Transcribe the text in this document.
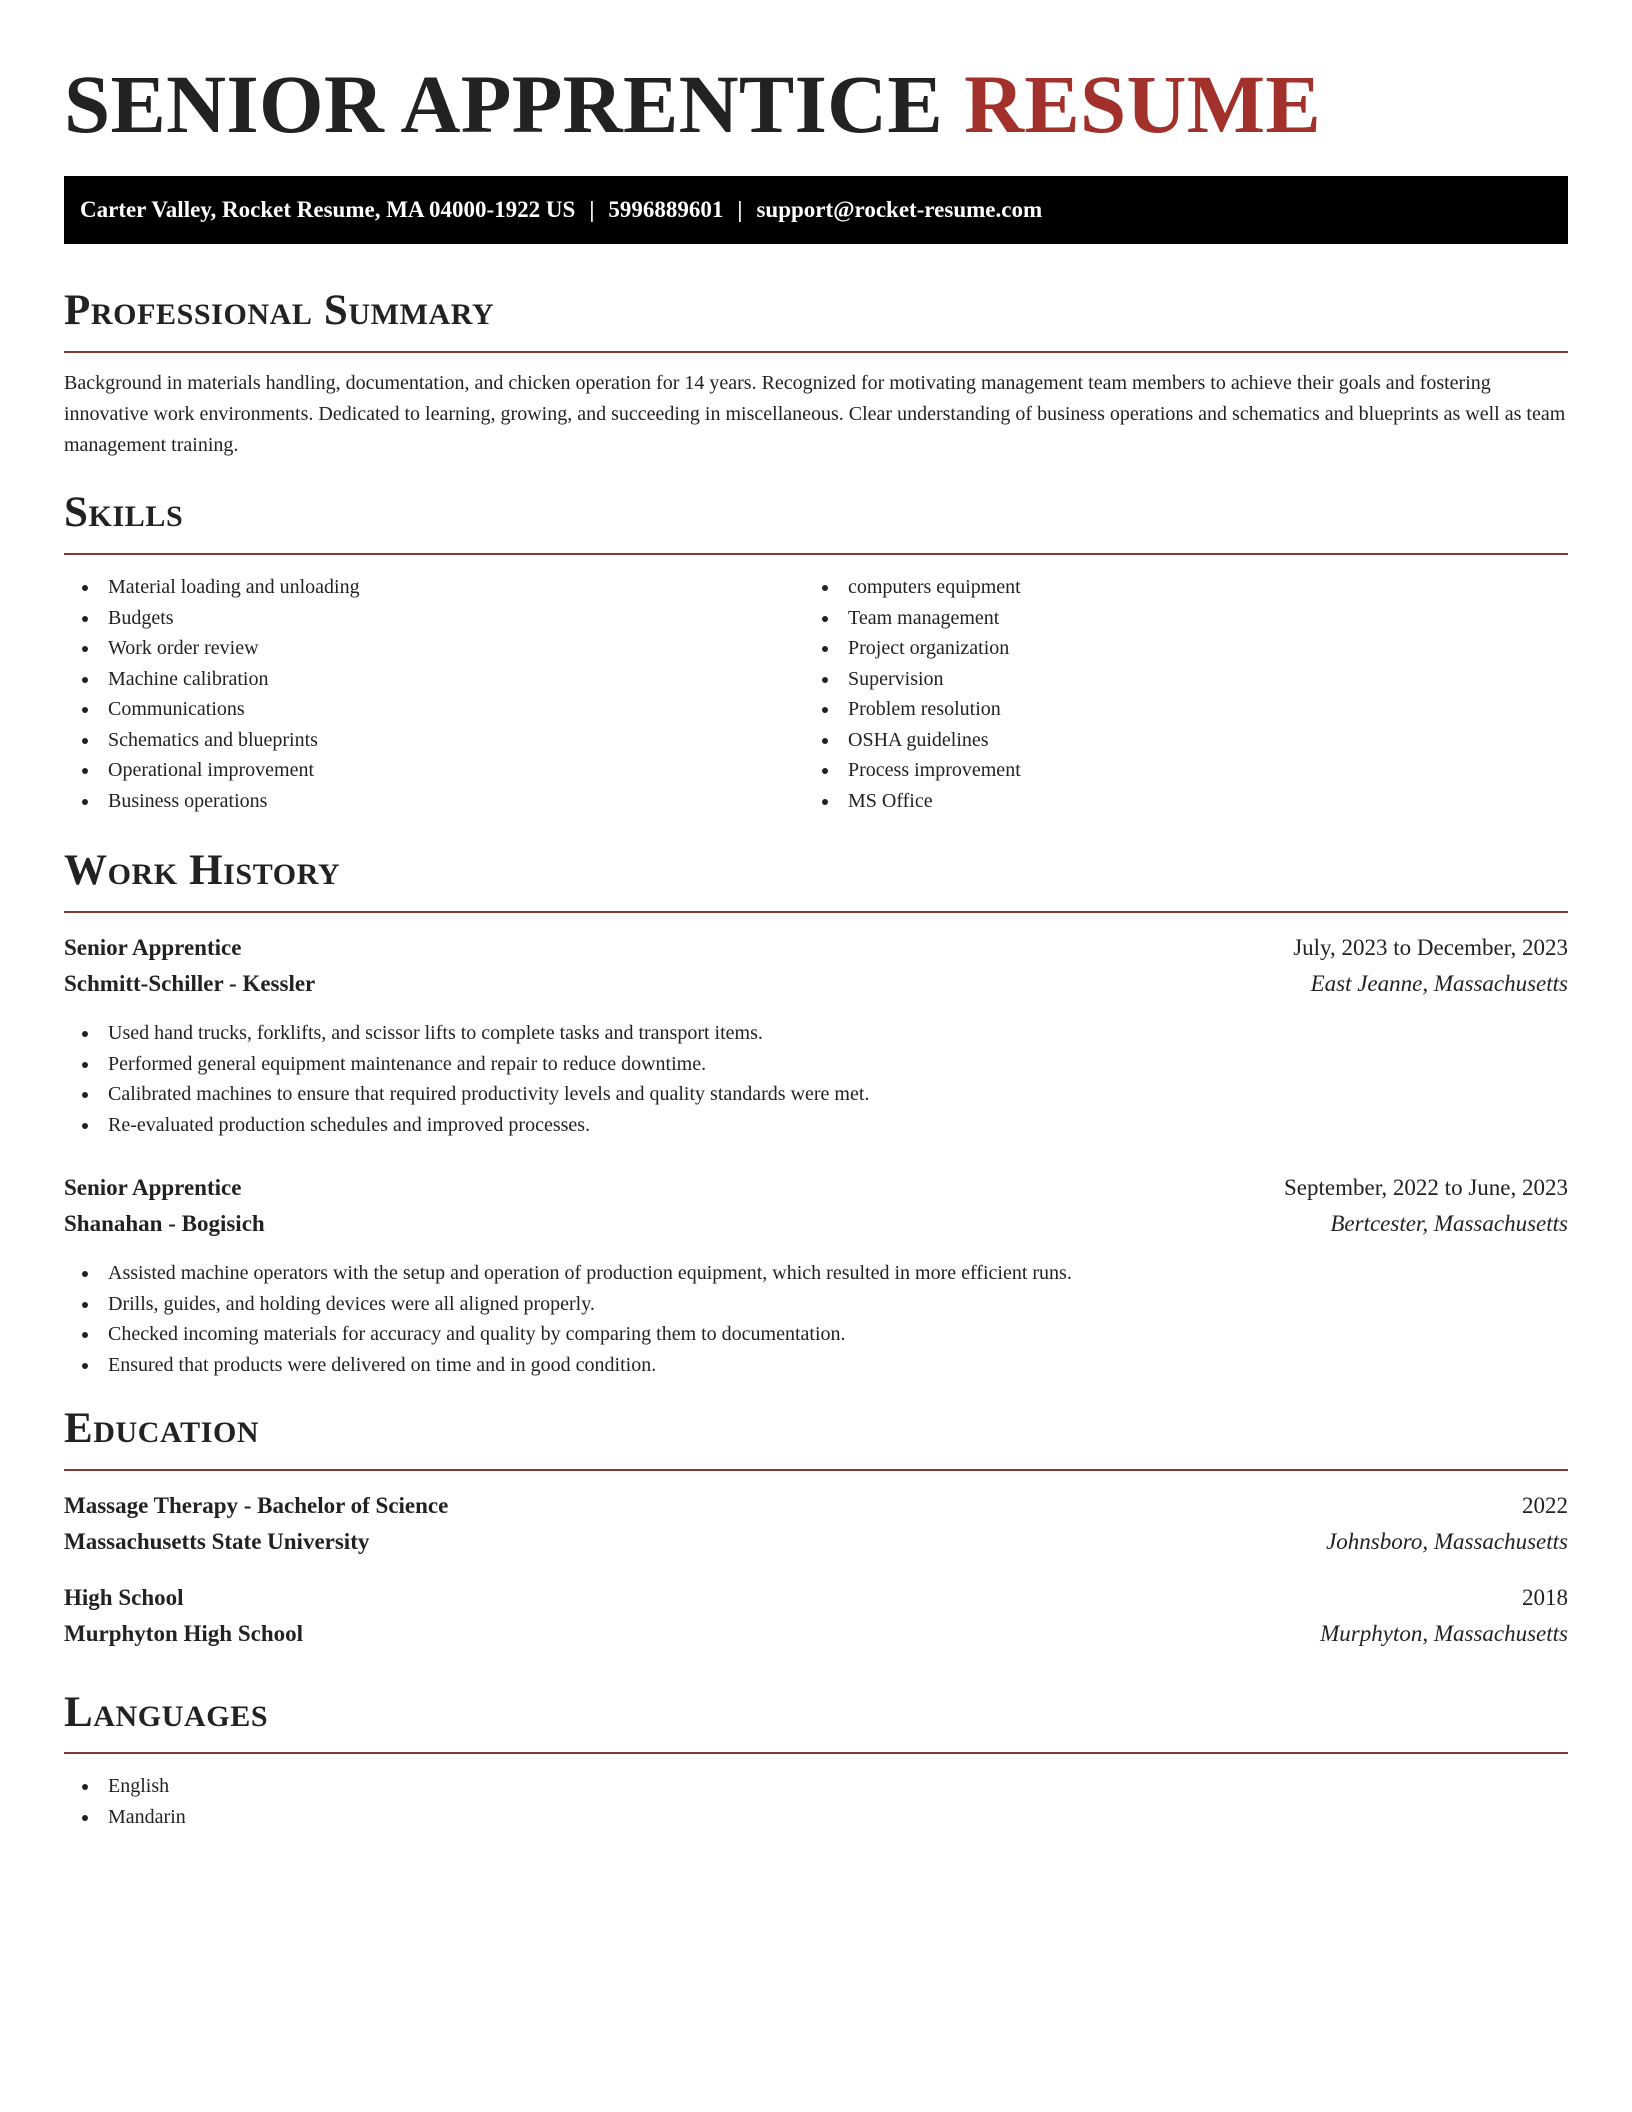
SENIOR APPRENTICE RESUME
Carter Valley, Rocket Resume, MA 04000-1922 US | 5996889601 | support@rocket-resume.com
Professional Summary

Background in materials handling, documentation, and chicken operation for 14 years. Recognized for motivating management team members to achieve their goals and fostering innovative work environments. Dedicated to learning, growing, and succeeding in miscellaneous. Clear understanding of business operations and schematics and blueprints as well as team management training.

Skills
Material loading and unloading
Budgets
Work order review
Machine calibration
Communications
Schematics and blueprints
Operational improvement
Business operations
computers equipment
Team management
Project organization
Supervision
Problem resolution
OSHA guidelines
Process improvement
MS Office
Work History
Senior Apprentice	July, 2023 to December, 2023
Schmitt-Schiller - Kessler	East Jeanne, Massachusetts
Used hand trucks, forklifts, and scissor lifts to complete tasks and transport items.
Performed general equipment maintenance and repair to reduce downtime.
Calibrated machines to ensure that required productivity levels and quality standards were met.
Re-evaluated production schedules and improved processes.
Senior Apprentice	September, 2022 to June, 2023
Shanahan - Bogisich	Bertcester, Massachusetts
Assisted machine operators with the setup and operation of production equipment, which resulted in more efficient runs.
Drills, guides, and holding devices were all aligned properly.
Checked incoming materials for accuracy and quality by comparing them to documentation.
Ensured that products were delivered on time and in good condition.
Education
Massage Therapy - Bachelor of Science	2022
Massachusetts State University	Johnsboro, Massachusetts
High School	2018
Murphyton High School	Murphyton, Massachusetts
Languages
English
Mandarin
